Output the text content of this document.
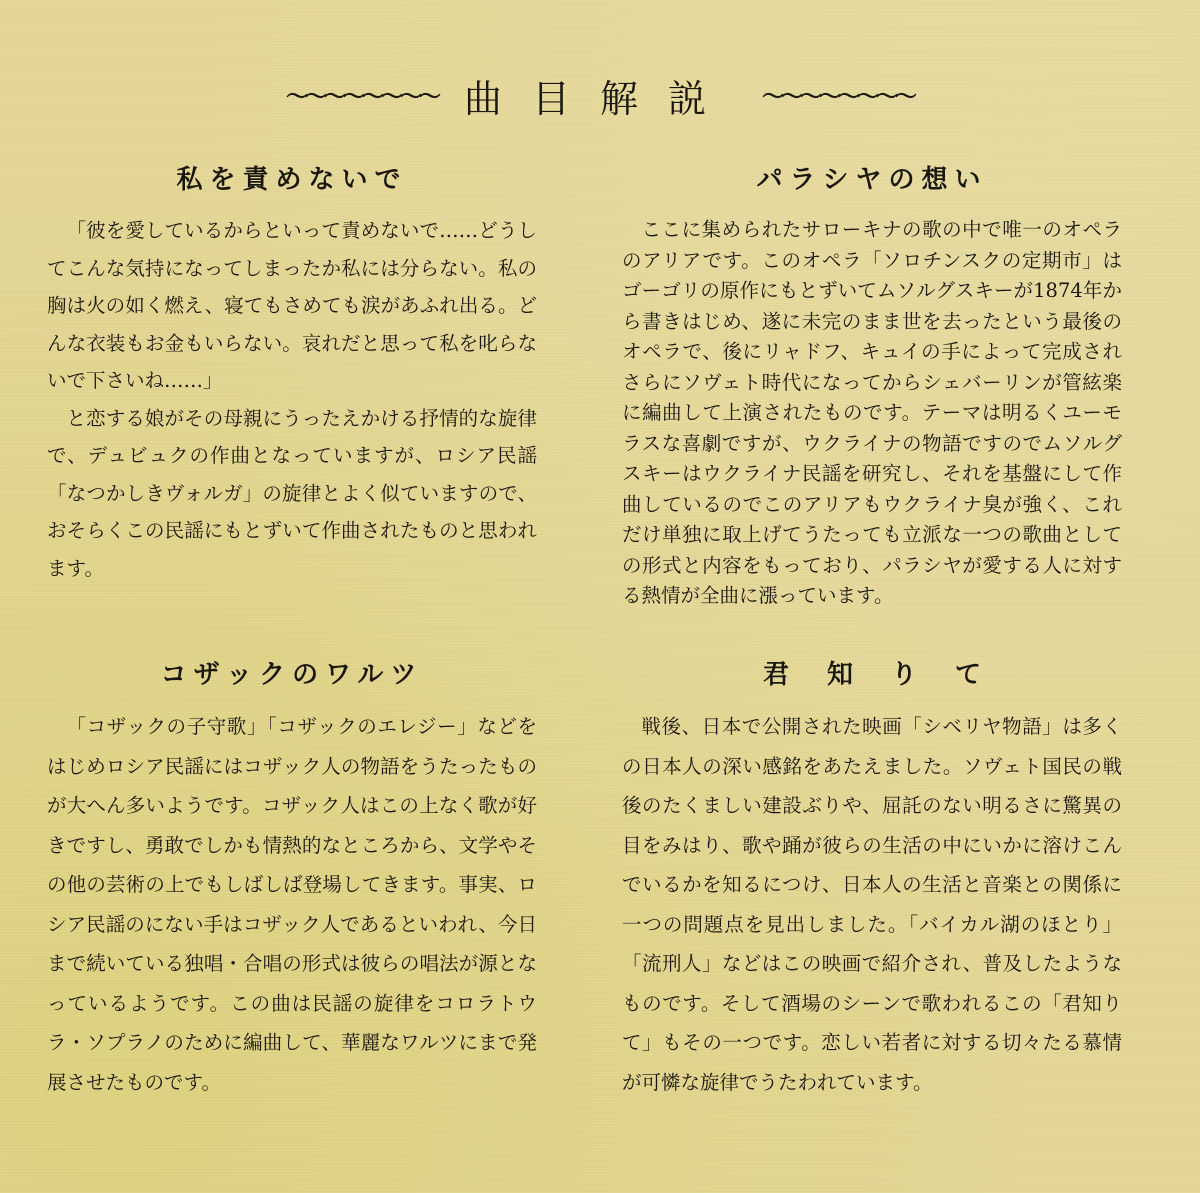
〜〜〜〜〜〜〜〜 曲目解説 〜〜〜〜〜〜〜〜
私を責めないで

「彼を愛しているからといって責めないで……どうしてこんな気持になってしまったか私には分らない。私の胸は火の如く燃え、寝てもさめても涙があふれ出る。どんな衣装もお金もいらない。哀れだと思って私を叱らないで下さいね……」

と恋する娘がその母親にうったえかける抒情的な旋律で、デュビュクの作曲となっていますが、ロシア民謡「なつかしきヴォルガ」の旋律とよく似ていますので、おそらくこの民謡にもとずいて作曲されたものと思われます。

パラシヤの想い

ここに集められたサローキナの歌の中で唯一のオペラのアリアです。このオペラ「ソロチンスクの定期市」はゴーゴリの原作にもとずいてムソルグスキーが1874年から書きはじめ、遂に未完のまま世を去ったという最後のオペラで、後にリャドフ、キュイの手によって完成されさらにソヴェト時代になってからシェバーリンが管絃楽に編曲して上演されたものです。テーマは明るくユーモラスな喜劇ですが、ウクライナの物語ですのでムソルグスキーはウクライナ民謡を研究し、それを基盤にして作曲しているのでこのアリアもウクライナ臭が強く、これだけ単独に取上げてうたっても立派な一つの歌曲としての形式と内容をもっており、パラシヤが愛する人に対する熱情が全曲に漲っています。

コザックのワルツ

「コザックの子守歌」「コザックのエレジー」などをはじめロシア民謡にはコザック人の物語をうたったものが大へん多いようです。コザック人はこの上なく歌が好きですし、勇敢でしかも情熱的なところから、文学やその他の芸術の上でもしばしば登場してきます。事実、ロシア民謡のにない手はコザック人であるといわれ、今日まで続いている独唱・合唱の形式は彼らの唱法が源となっているようです。この曲は民謡の旋律をコロラトウラ・ソプラノのために編曲して、華麗なワルツにまで発展させたものです。

君知りて

戦後、日本で公開された映画「シベリヤ物語」は多くの日本人の深い感銘をあたえました。ソヴェト国民の戦後のたくましい建設ぶりや、屈託のない明るさに驚異の目をみはり、歌や踊が彼らの生活の中にいかに溶けこんでいるかを知るにつけ、日本人の生活と音楽との関係に一つの問題点を見出しました。「バイカル湖のほとり」「流刑人」などはこの映画で紹介され、普及したようなものです。そして酒場のシーンで歌われるこの「君知りて」もその一つです。恋しい若者に対する切々たる慕情が可憐な旋律でうたわれています。
